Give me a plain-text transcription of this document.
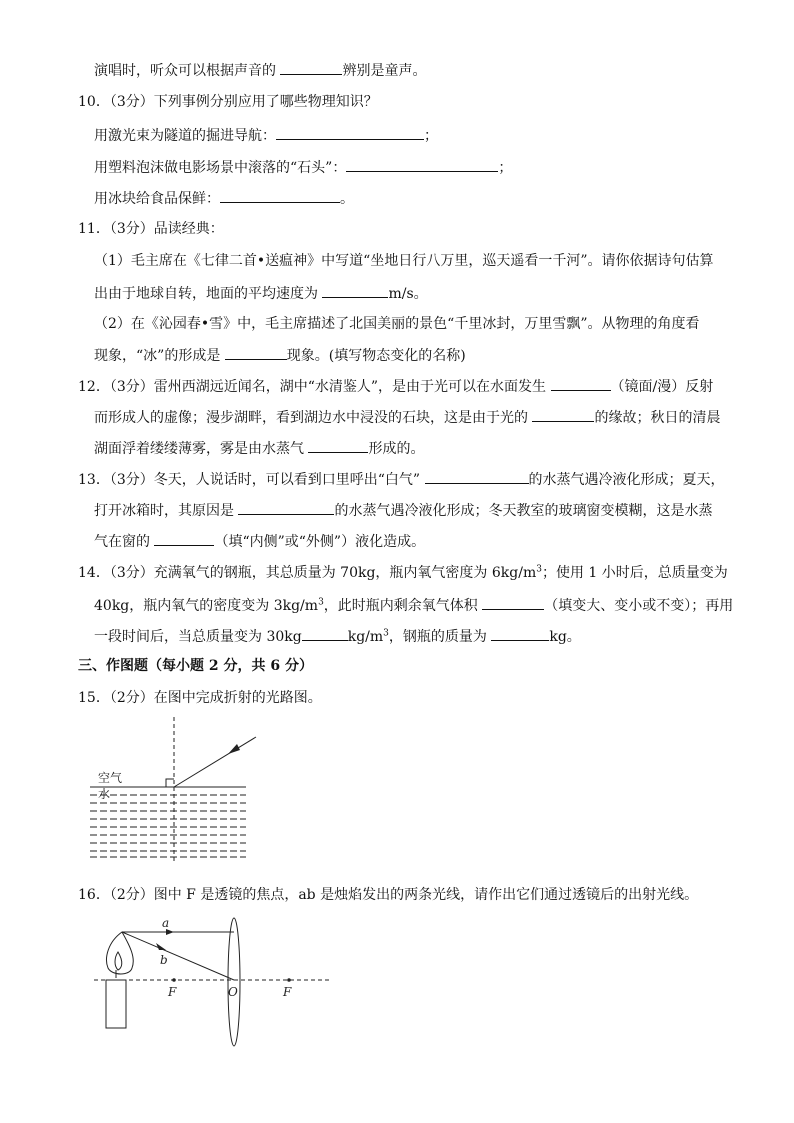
演唱时，听众可以根据声音的	辨别是童声。
10．（3分）下列事例分别应用了哪些物理知识？
用激光束为隧道的掘进导航：	；
用塑料泡沫做电影场景中滚落的“石头”：	；
用冰块给食品保鲜：	。
11．（3分）品读经典：
（1）毛主席在《七律二首•送瘟神》中写道“坐地日行八万里，巡天遥看一千河”。请你依据诗句估算
出由于地球自转，地面的平均速度为	m/s。
（2）在《沁园春•雪》中，毛主席描述了北国美丽的景色“千里冰封，万里雪飘”。从物理的角度看
现象，“冰”的形成是	现象。(填写物态变化的名称)
12．（3分）雷州西湖远近闻名，湖中“水清鉴人”，是由于光可以在水面发生	（镜面/漫）反射
而形成人的虚像；漫步湖畔，看到湖边水中浸没的石块，这是由于光的	的缘故；秋日的清晨
湖面浮着缕缕薄雾，雾是由水蒸气	形成的。
13．（3分）冬天，人说话时，可以看到口里呼出“白气”	的水蒸气遇冷液化形成；夏天，
打开冰箱时，其原因是	的水蒸气遇冷液化形成；冬天教室的玻璃窗变模糊，这是水蒸
气在窗的	（填“内侧”或“外侧”）液化造成。
14．（3分）充满氧气的钢瓶，其总质量为 70kg，瓶内氧气密度为 $6kg/m^3$；使用 1 小时后，总质量变为
40kg，瓶内氧气的密度变为 $3kg/m^3$，此时瓶内剩余氧气体积	（填变大、变小或不变）；再用
一段时间后，当总质量变为 30kg	$kg/m^3$，钢瓶的质量为	kg。
三、作图题（每小题 2 分，共 6 分）
15．（2分）在图中完成折射的光路图。
空气
水
16．（2分）图中 F 是透镜的焦点，ab 是烛焰发出的两条光线，请作出它们通过透镜后的出射光线。
a
b
F	O	F
